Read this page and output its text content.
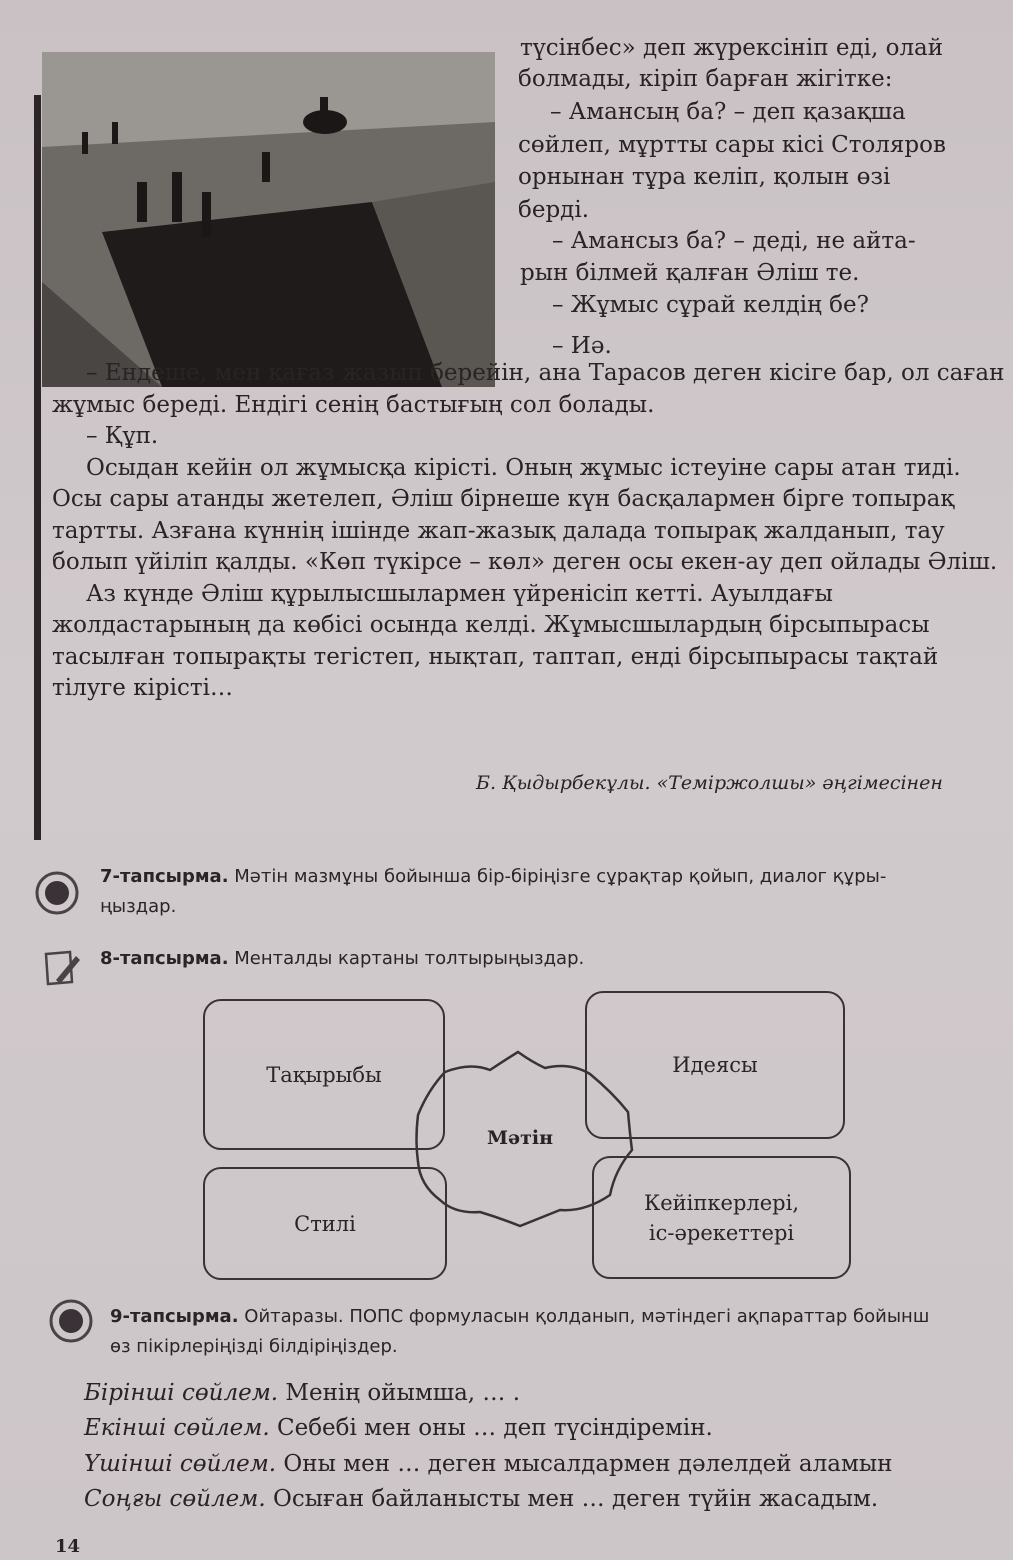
түсінбес» деп жүрексініп еді, олай
болмады, кіріп барған жігітке:
– Амансың ба? – деп қазақша
сөйлеп, мұртты сары кісі Столяров
орнынан тұра келіп, қолын өзі
берді.
– Амансыз ба? – деді, не айта-
рын білмей қалған Әліш те.
– Жұмыс сұрай келдің бе?
– Иә.

– Ендеше, мен қағаз жазып берейін, ана Тарасов деген кісіге бар, ол саған жұмыс береді. Ендігі сенің бастығың сол болады.

– Құп.

Осыдан кейін ол жұмысқа кірісті. Оның жұмыс істеуіне сары атан тиді. Осы сары атанды жетелеп, Әліш бірнеше күн басқалармен бірге топырақ тартты. Азғана күннің ішінде жап-жазық далада топырақ жалданып, тау болып үйіліп қалды. «Көп түкірсе – көл» деген осы екен-ау деп ойлады Әліш.

Аз күнде Әліш құрылысшылармен үйренісіп кетті. Ауылдағы жолдастарының да көбісі осында келді. Жұмысшылардың бірсыпырасы тасылған топырақты тегістеп, нықтап, таптап, енді бірсыпырасы тақтай тілуге кірісті…

Б. Қыдырбекұлы. «Теміржолшы» әңгімесінен
7-тапсырма. Мәтін мазмұны бойынша бір-біріңізге сұрақтар қойып, диалог құры-
ңыздар.
8-тапсырма. Менталды картаны толтырыңыздар.
Тақырыбы	Идеясы
Стилі
Кейіпкерлері,
іс-әрекеттері
Мәтін
9-тапсырма. Ойтаразы. ПОПС формуласын қолданып, мәтіндегі ақпараттар бойынш
өз пікірлеріңізді білдіріңіздер.
Бірінші сөйлем. Менің ойымша, … .
Екінші сөйлем. Себебі мен оны … деп түсіндіремін.
Үшінші сөйлем. Оны мен … деген мысалдармен дәлелдей аламын
Соңғы сөйлем. Осыған байланысты мен … деген түйін жасадым.
14
